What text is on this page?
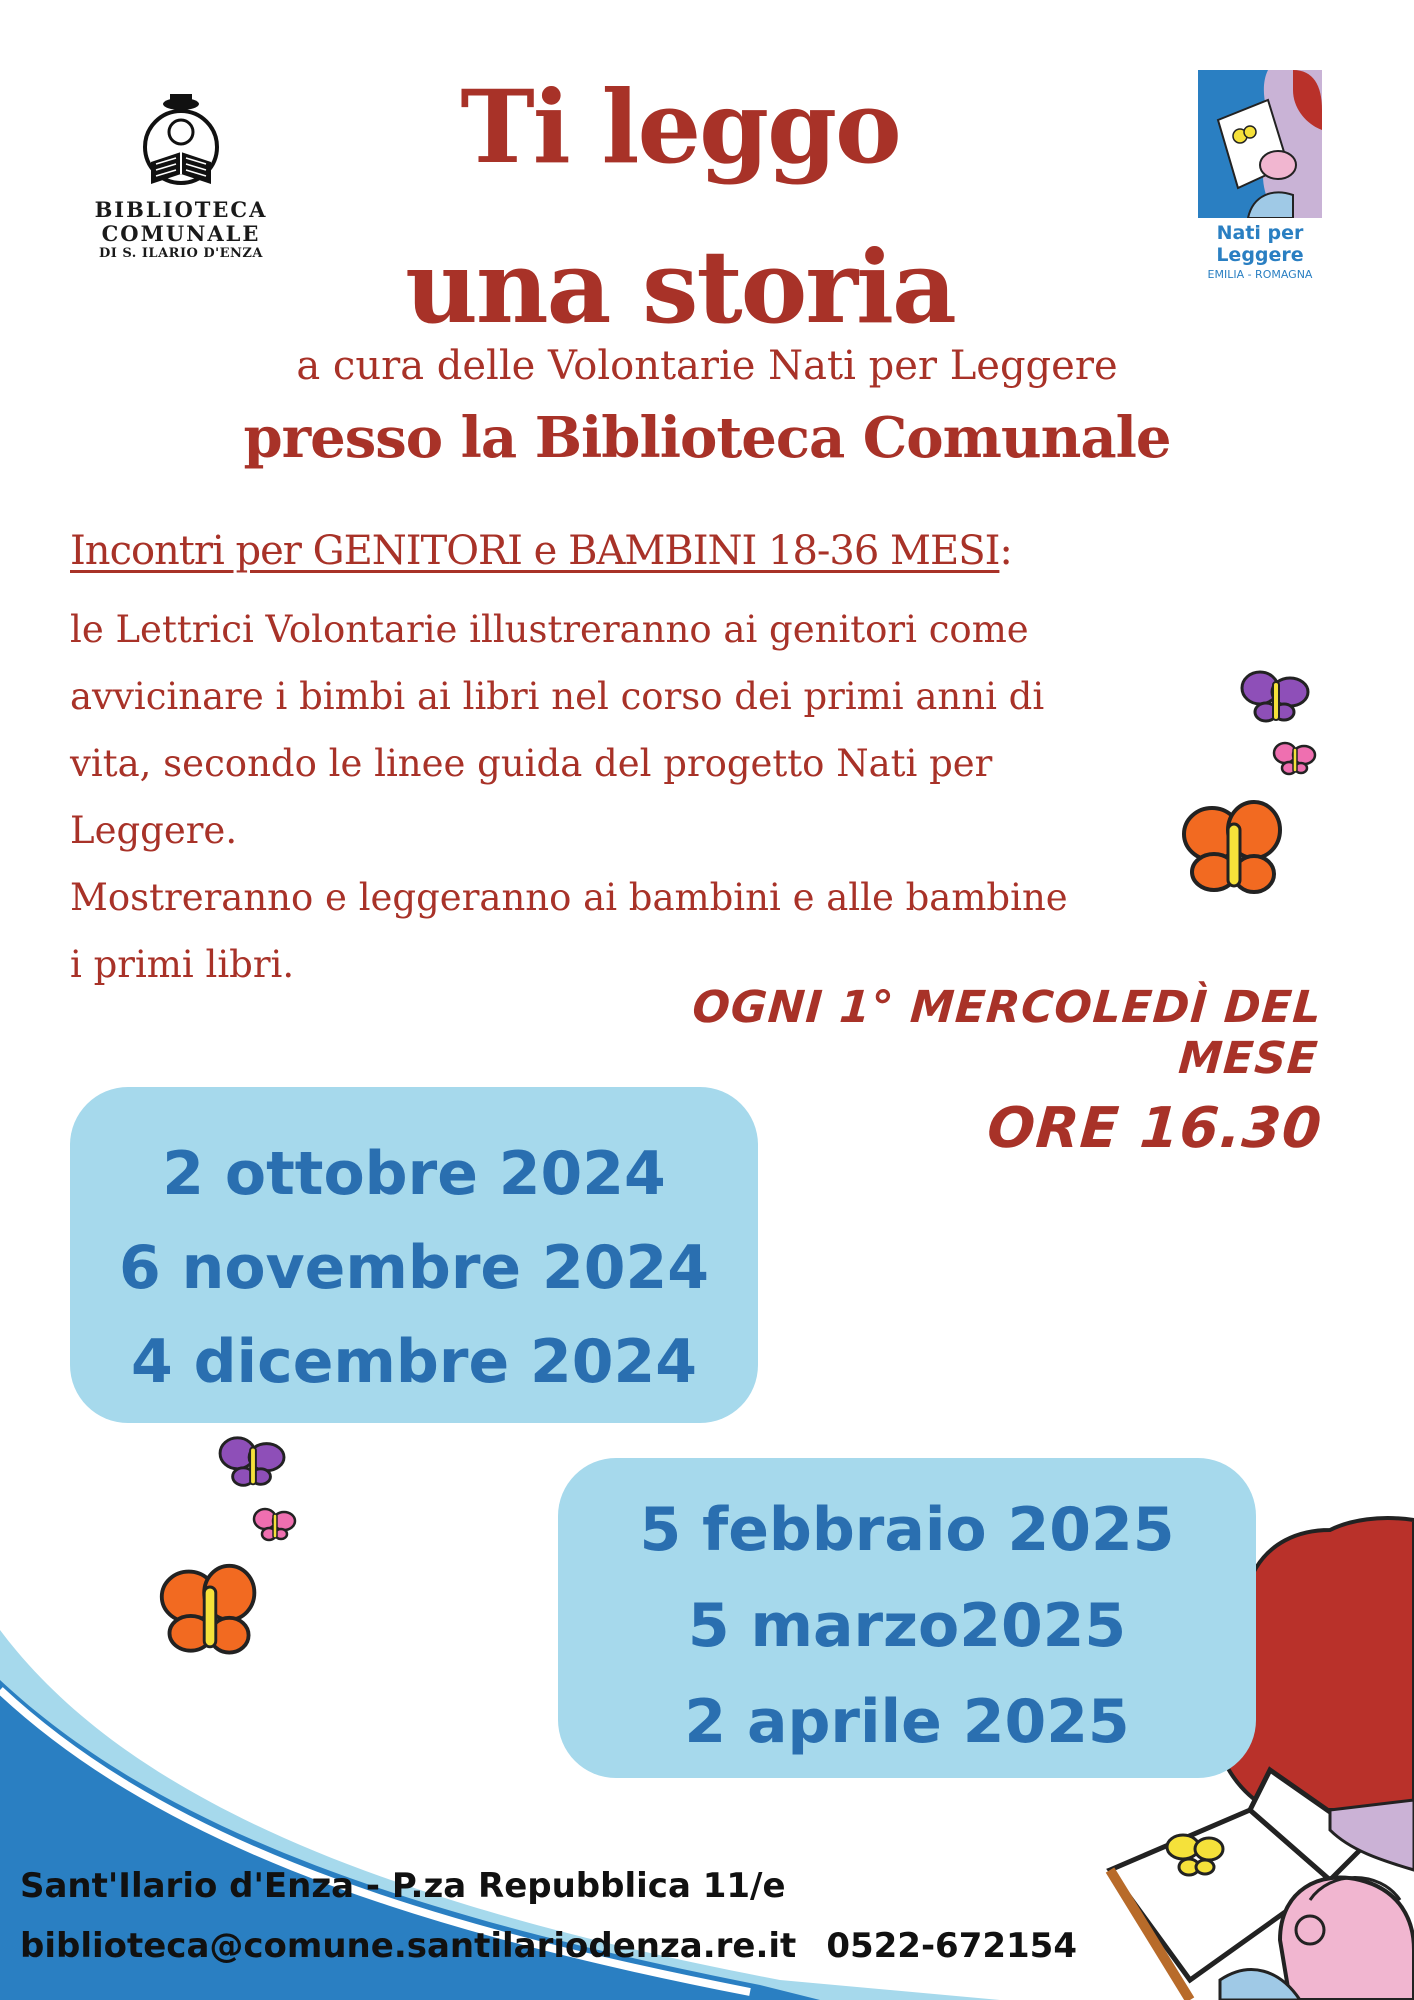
BIBLIOTECA
COMUNALE
DI S. ILARIO D'ENZA
Nati per
Leggere
EMILIA - ROMAGNA
Ti leggo
una storia
a cura delle Volontarie Nati per Leggere
presso la Biblioteca Comunale
Incontri per GENITORI e BAMBINI 18-36 MESI:

le Lettrici Volontarie illustreranno ai genitori come

avvicinare i bimbi ai libri nel corso dei primi anni di

vita, secondo le linee guida del progetto Nati per

Leggere.

Mostreranno e leggeranno ai bambini e alle bambine

i primi libri.

OGNI 1° MERCOLEDÌ DEL MESE
ORE 16.30
2 ottobre 2024
6 novembre 2024
4 dicembre 2024
5 febbraio 2025
5 marzo2025
2 aprile 2025
Sant'Ilario d'Enza - P.za Repubblica 11/e
biblioteca@comune.santilariodenza.re.it 0522-672154
